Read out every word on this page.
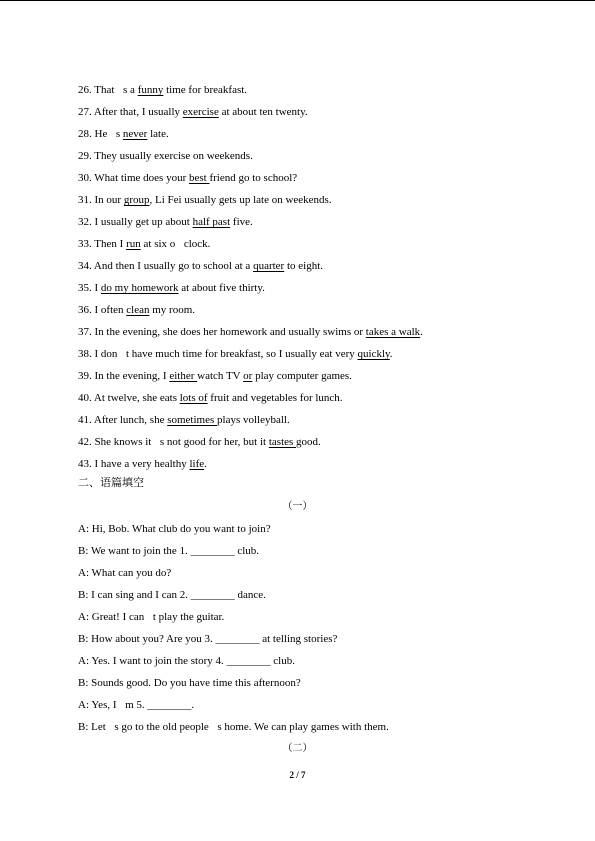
26. That s a funny time for breakfast.
27. After that, I usually exercise at about ten twenty.
28. He s never late.
29. They usually exercise on weekends.
30. What time does your best friend go to school?
31. In our group, Li Fei usually gets up late on weekends.
32. I usually get up about half past five.
33. Then I run at six o clock.
34. And then I usually go to school at a quarter to eight.
35. I do my homework at about five thirty.
36. I often clean my room.
37. In the evening, she does her homework and usually swims or takes a walk.
38. I don t have much time for breakfast, so I usually eat very quickly.
39. In the evening, I either watch TV or play computer games.
40. At twelve, she eats lots of fruit and vegetables for lunch.
41. After lunch, she sometimes plays volleyball.
42. She knows it s not good for her, but it tastes good.
43. I have a very healthy life.
二、语篇填空
（一）
A: Hi, Bob. What club do you want to join?
B: We want to join the 1. ________ club.
A: What can you do?
B: I can sing and I can 2. ________ dance.
A: Great! I can t play the guitar.
B: How about you? Are you 3. ________ at telling stories?
A: Yes. I want to join the story 4. ________ club.
B: Sounds good. Do you have time this afternoon?
A: Yes, I m 5. ________.
B: Let s go to the old people s home. We can play games with them.
（二）
2 / 7
